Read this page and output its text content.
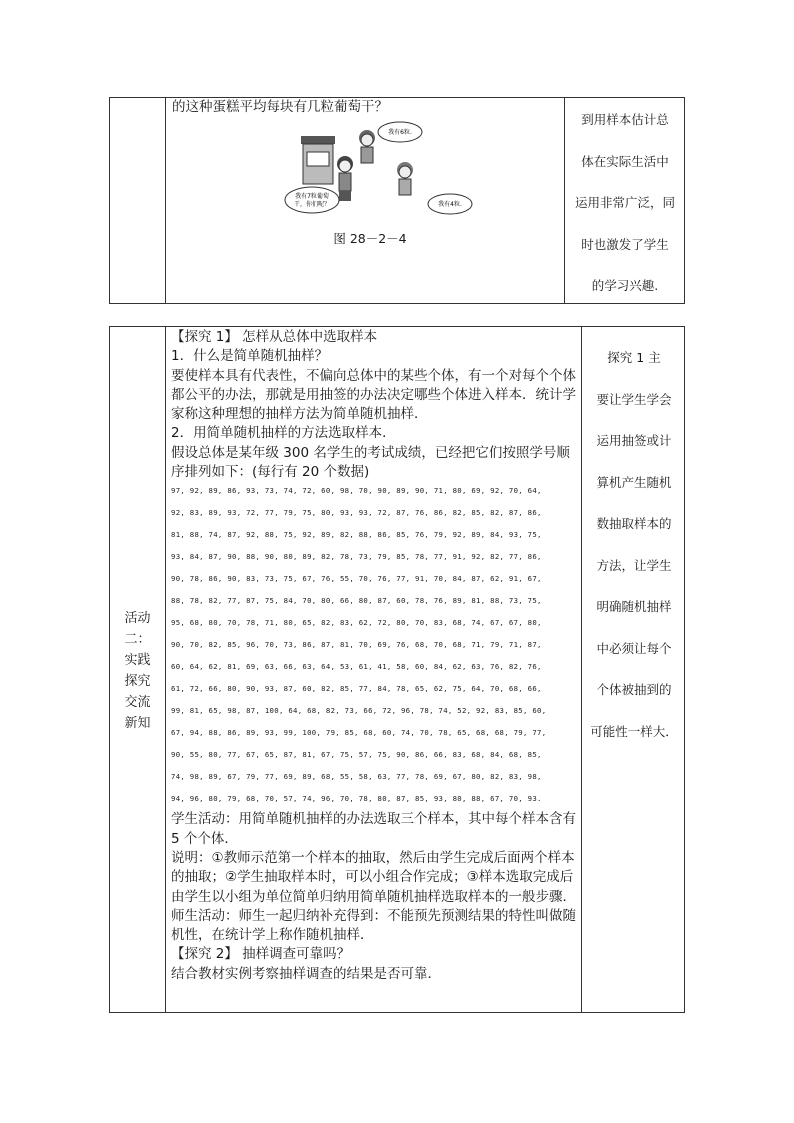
的这种蛋糕平均每块有几粒葡萄干？
我有6粒.
我有7粒葡萄
干，你们呢？	我有4粒.
图 28－2－4
到用样本估计总
体在实际生活中
运用非常广泛，同
时也激发了学生
的学习兴趣.
活动
二：
实践
探究
交流
新知
【探究 1】 怎样从总体中选取样本
1．什么是简单随机抽样？
要使样本具有代表性，不偏向总体中的某些个体，有一个对每个个体都公平的办法，那就是用抽签的办法决定哪些个体进入样本．统计学家称这种理想的抽样方法为简单随机抽样．
2．用简单随机抽样的方法选取样本．
假设总体是某年级 300 名学生的考试成绩，已经把它们按照学号顺序排列如下：(每行有 20 个数据)
97, 92, 89, 86, 93, 73, 74, 72, 60, 98, 70, 90, 89, 90, 71, 80, 69, 92, 70, 64,
92, 83, 89, 93, 72, 77, 79, 75, 80, 93, 93, 72, 87, 76, 86, 82, 85, 82, 87, 86,
81, 88, 74, 87, 92, 88, 75, 92, 89, 82, 88, 86, 85, 76, 79, 92, 89, 84, 93, 75,
93, 84, 87, 90, 88, 90, 80, 89, 82, 78, 73, 79, 85, 78, 77, 91, 92, 82, 77, 86,
90, 78, 86, 90, 83, 73, 75, 67, 76, 55, 70, 76, 77, 91, 70, 84, 87, 62, 91, 67,
88, 78, 82, 77, 87, 75, 84, 70, 80, 66, 80, 87, 60, 78, 76, 89, 81, 88, 73, 75,
95, 68, 80, 70, 78, 71, 80, 65, 82, 83, 62, 72, 80, 70, 83, 68, 74, 67, 67, 80,
90, 70, 82, 85, 96, 70, 73, 86, 87, 81, 70, 69, 76, 68, 70, 68, 71, 79, 71, 87,
60, 64, 62, 81, 69, 63, 66, 63, 64, 53, 61, 41, 58, 60, 84, 62, 63, 76, 82, 76,
61, 72, 66, 80, 90, 93, 87, 60, 82, 85, 77, 84, 78, 65, 62, 75, 64, 70, 68, 66,
99, 81, 65, 98, 87, 100, 64, 68, 82, 73, 66, 72, 96, 78, 74, 52, 92, 83, 85, 60,
67, 94, 88, 86, 89, 93, 99, 100, 79, 85, 68, 60, 74, 70, 78, 65, 68, 68, 79, 77,
90, 55, 80, 77, 67, 65, 87, 81, 67, 75, 57, 75, 90, 86, 66, 83, 68, 84, 68, 85,
74, 98, 89, 67, 79, 77, 69, 89, 68, 55, 58, 63, 77, 78, 69, 67, 80, 82, 83, 98,
94, 96, 80, 79, 68, 70, 57, 74, 96, 70, 78, 80, 87, 85, 93, 80, 88, 67, 70, 93.
学生活动：用简单随机抽样的办法选取三个样本，其中每个样本含有 5 个个体．
说明：①教师示范第一个样本的抽取，然后由学生完成后面两个样本的抽取；②学生抽取样本时，可以小组合作完成；③样本选取完成后由学生以小组为单位简单归纳用简单随机抽样选取样本的一般步骤．
师生活动：师生一起归纳补充得到：不能预先预测结果的特性叫做随机性，在统计学上称作随机抽样．
【探究 2】 抽样调查可靠吗？
结合教材实例考察抽样调查的结果是否可靠．
探究 1 主
要让学生学会
运用抽签或计
算机产生随机
数抽取样本的
方法，让学生
明确随机抽样
中必须让每个
个体被抽到的
可能性一样大．
